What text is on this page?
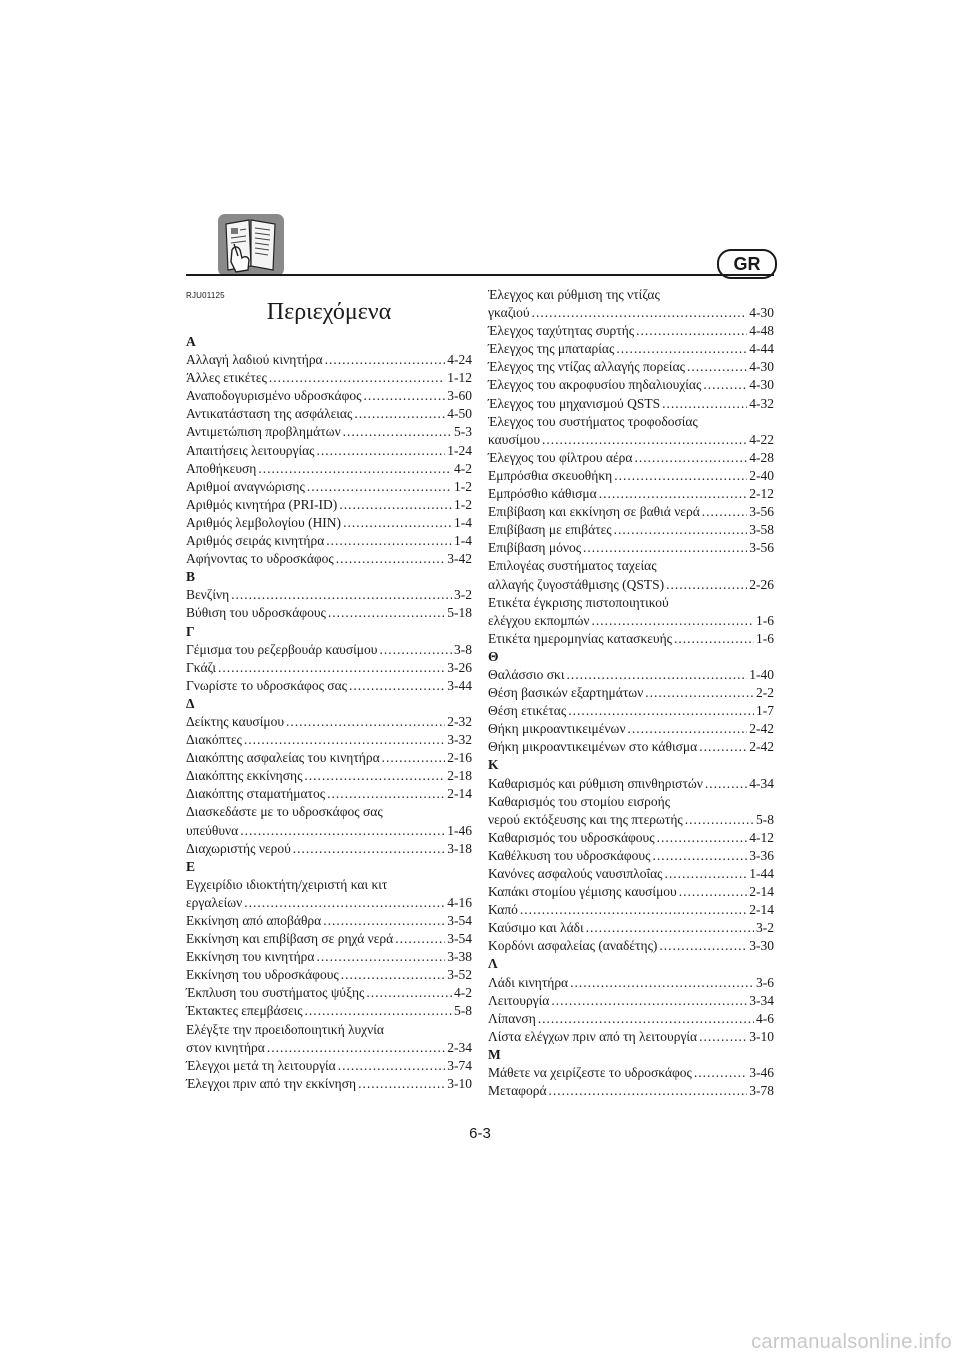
GR
RJU01125
Περιεχόμενα
Α
Αλλαγή λαδιού κινητήρα .....	4-24
Άλλες ετικέτες .....	1-12
Αναποδογυρισμένο υδροσκάφος .....	3-60
Αντικατάσταση της ασφάλειας .....	4-50
Αντιμετώπιση προβλημάτων .....	5-3
Απαιτήσεις λειτουργίας .....	1-24
Αποθήκευση .....	4-2
Αριθμοί αναγνώρισης .....	1-2
Αριθμός κινητήρα (PRI-ID) .....	1-2
Αριθμός λεμβολογίου (HIN) .....	1-4
Αριθμός σειράς κινητήρα .....	1-4
Αφήνοντας το υδροσκάφος .....	3-42
Β
Βενζίνη .....	3-2
Βύθιση του υδροσκάφους .....	5-18
Γ
Γέμισμα του ρεζερβουάρ καυσίμου .....	3-8
Γκάζι .....	3-26
Γνωρίστε το υδροσκάφος σας .....	3-44
Δ
Δείκτης καυσίμου .....	2-32
Διακόπτες .....	3-32
Διακόπτης ασφαλείας του κινητήρα .....	2-16
Διακόπτης εκκίνησης .....	2-18
Διακόπτης σταματήματος .....	2-14
Διασκεδάστε με το υδροσκάφος σας
υπεύθυνα .....	1-46
Διαχωριστής νερού .....	3-18
Ε
Εγχειρίδιο ιδιοκτήτη/χειριστή και κιτ
εργαλείων .....	4-16
Εκκίνηση από αποβάθρα .....	3-54
Εκκίνηση και επιβίβαση σε ρηχά νερά .....	3-54
Εκκίνηση του κινητήρα .....	3-38
Εκκίνηση του υδροσκάφους .....	3-52
Έκπλυση του συστήματος ψύξης .....	4-2
Έκτακτες επεμβάσεις .....	5-8
Ελέγξτε την προειδοποιητική λυχνία
στον κινητήρα .....	2-34
Έλεγχοι μετά τη λειτουργία .....	3-74
Έλεγχοι πριν από την εκκίνηση .....	3-10
Έλεγχος και ρύθμιση της ντίζας
γκαζιού .....	4-30
Έλεγχος ταχύτητας συρτής .....	4-48
Έλεγχος της μπαταρίας .....	4-44
Έλεγχος της ντίζας αλλαγής πορείας .....	4-30
Έλεγχος του ακροφυσίου πηδαλιουχίας .....	4-30
Έλεγχος του μηχανισμού QSTS .....	4-32
Έλεγχος του συστήματος τροφοδοσίας
καυσίμου .....	4-22
Έλεγχος του φίλτρου αέρα .....	4-28
Εμπρόσθια σκευοθήκη .....	2-40
Εμπρόσθιο κάθισμα .....	2-12
Επιβίβαση και εκκίνηση σε βαθιά νερά .....	3-56
Επιβίβαση με επιβάτες .....	3-58
Επιβίβαση μόνος .....	3-56
Επιλογέας συστήματος ταχείας
αλλαγής ζυγοστάθμισης (QSTS) .....	2-26
Ετικέτα έγκρισης πιστοποιητικού
ελέγχου εκπομπών .....	1-6
Ετικέτα ημερομηνίας κατασκευής .....	1-6
Θ
Θαλάσσιο σκι .....	1-40
Θέση βασικών εξαρτημάτων .....	2-2
Θέση ετικέτας .....	1-7
Θήκη μικροαντικειμένων .....	2-42
Θήκη μικροαντικειμένων στο κάθισμα .....	2-42
Κ
Καθαρισμός και ρύθμιση σπινθηριστών .....	4-34
Καθαρισμός του στομίου εισροής
νερού εκτόξευσης και της πτερωτής .....	5-8
Καθαρισμός του υδροσκάφους .....	4-12
Καθέλκυση του υδροσκάφους .....	3-36
Κανόνες ασφαλούς ναυσιπλοΐας .....	1-44
Καπάκι στομίου γέμισης καυσίμου .....	2-14
Καπό .....	2-14
Καύσιμο και λάδι .....	3-2
Κορδόνι ασφαλείας (αναδέτης) .....	3-30
Λ
Λάδι κινητήρα .....	3-6
Λειτουργία .....	3-34
Λίπανση .....	4-6
Λίστα ελέγχων πριν από τη λειτουργία .....	3-10
Μ
Μάθετε να χειρίζεστε το υδροσκάφος .....	3-46
Μεταφορά .....	3-78
6-3
carmanualsonline.info
